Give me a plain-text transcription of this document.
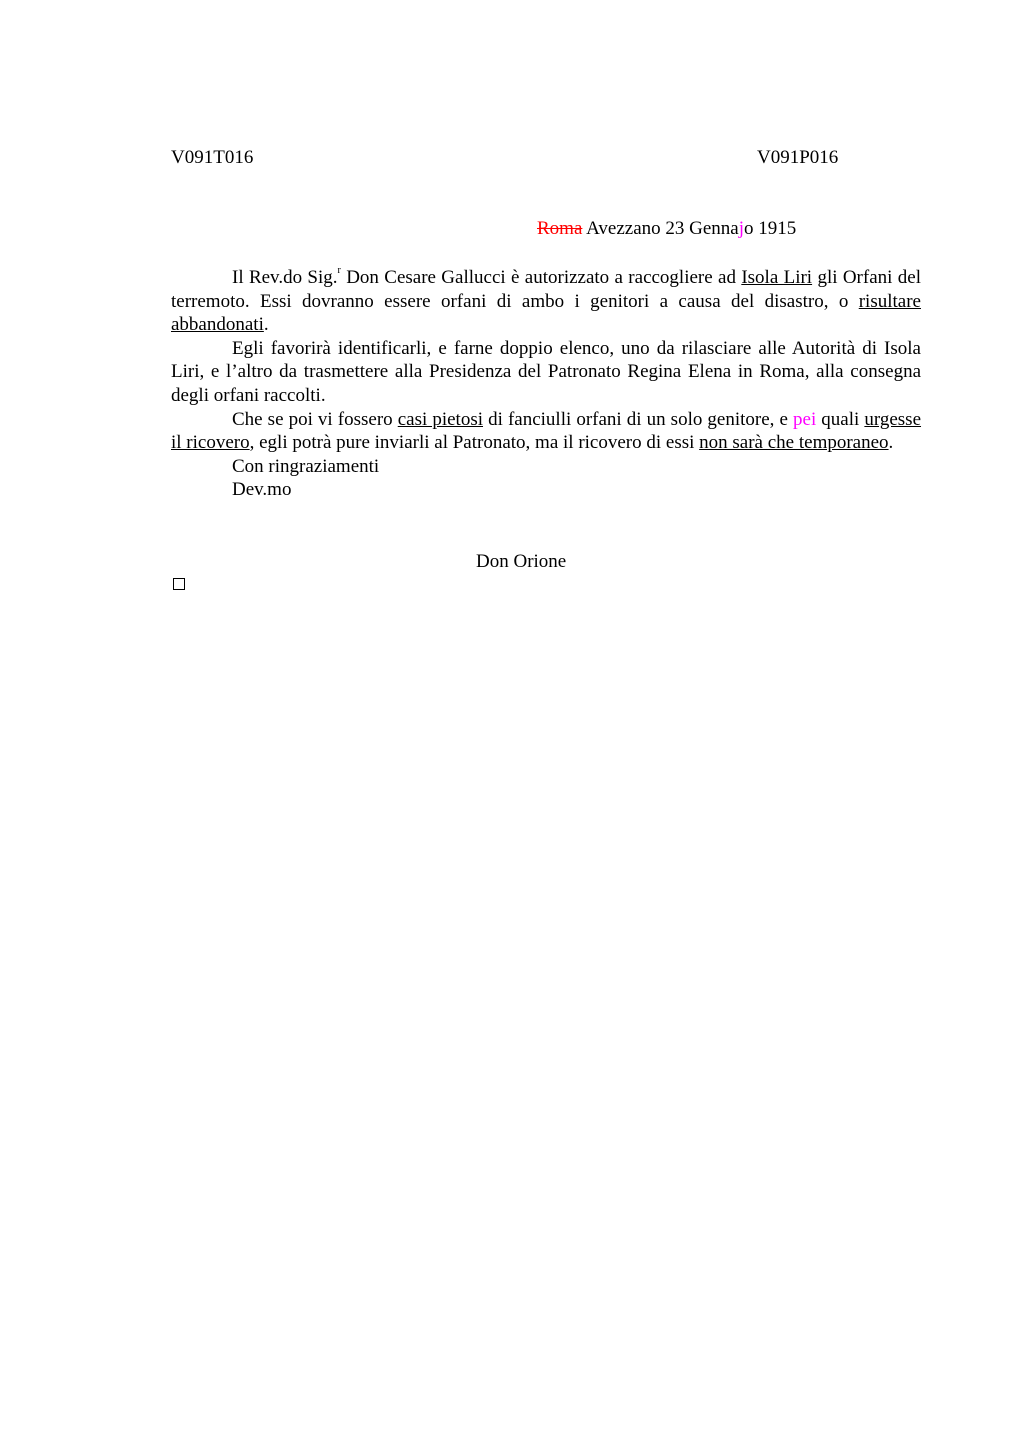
V091T016	V091P016
Roma Avezzano 23 Gennajo 1915

Il Rev.do Sig.$^r$ Don Cesare Gallucci è autorizzato a raccogliere ad Isola Liri gli Orfani del terremoto. Essi dovranno essere orfani di ambo i genitori a causa del disastro, o risultare abbandonati.

Egli favorirà identificarli, e farne doppio elenco, uno da rilasciare alle Autorità di Isola Liri, e l’altro da trasmettere alla Presidenza del Patronato Regina Elena in Roma, alla consegna degli orfani raccolti.

Che se poi vi fossero casi pietosi di fanciulli orfani di un solo genitore, e pei quali urgesse il ricovero, egli potrà pure inviarli al Patronato, ma il ricovero di essi non sarà che temporaneo.

Con ringraziamenti
Dev.mo
Don Orione
